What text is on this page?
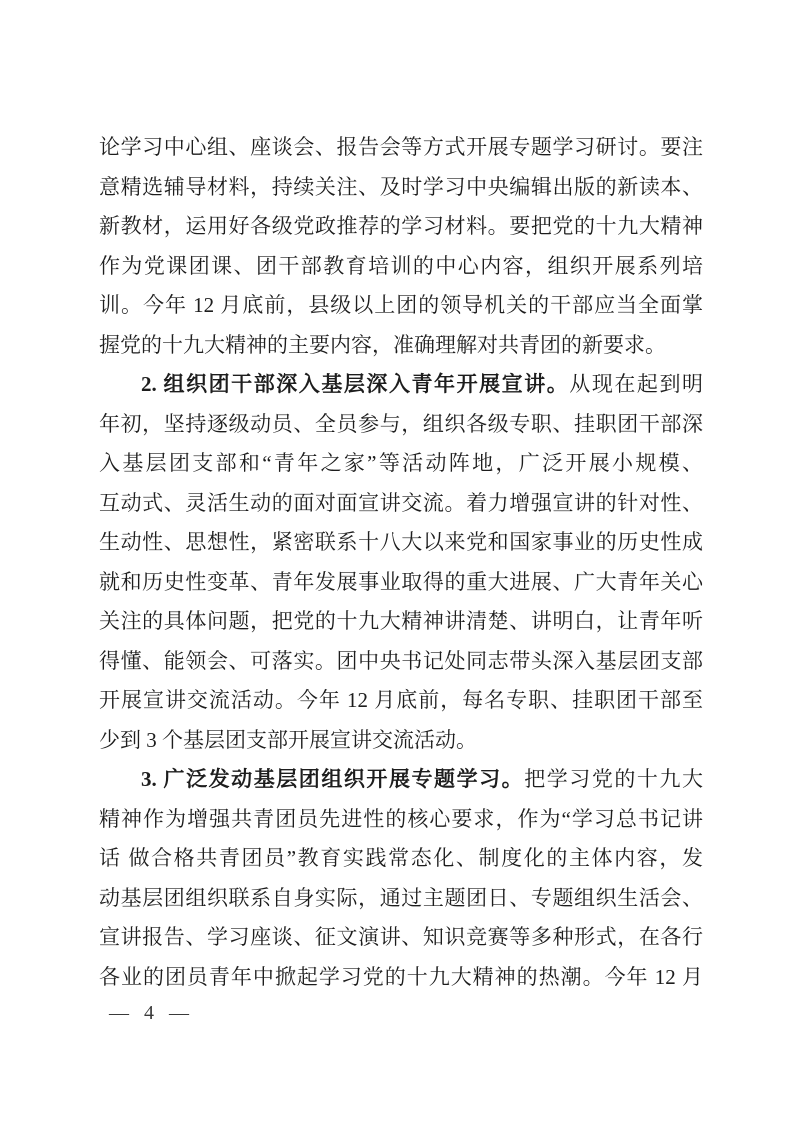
论学习中心组、座谈会、报告会等方式开展专题学习研讨。要注
意精选辅导材料，持续关注、及时学习中央编辑出版的新读本、
新教材，运用好各级党政推荐的学习材料。要把党的十九大精神
作为党课团课、团干部教育培训的中心内容，组织开展系列培
训。今年 12 月底前，县级以上团的领导机关的干部应当全面掌
握党的十九大精神的主要内容，准确理解对共青团的新要求。
2. 组织团干部深入基层深入青年开展宣讲。从现在起到明
年初，坚持逐级动员、全员参与，组织各级专职、挂职团干部深
入基层团支部和“青年之家”等活动阵地，广泛开展小规模、
互动式、灵活生动的面对面宣讲交流。着力增强宣讲的针对性、
生动性、思想性，紧密联系十八大以来党和国家事业的历史性成
就和历史性变革、青年发展事业取得的重大进展、广大青年关心
关注的具体问题，把党的十九大精神讲清楚、讲明白，让青年听
得懂、能领会、可落实。团中央书记处同志带头深入基层团支部
开展宣讲交流活动。今年 12 月底前，每名专职、挂职团干部至
少到 3 个基层团支部开展宣讲交流活动。
3. 广泛发动基层团组织开展专题学习。把学习党的十九大
精神作为增强共青团员先进性的核心要求，作为“学习总书记讲
话 做合格共青团员”教育实践常态化、制度化的主体内容，发
动基层团组织联系自身实际，通过主题团日、专题组织生活会、
宣讲报告、学习座谈、征文演讲、知识竞赛等多种形式，在各行
各业的团员青年中掀起学习党的十九大精神的热潮。今年 12 月
— 4 —
